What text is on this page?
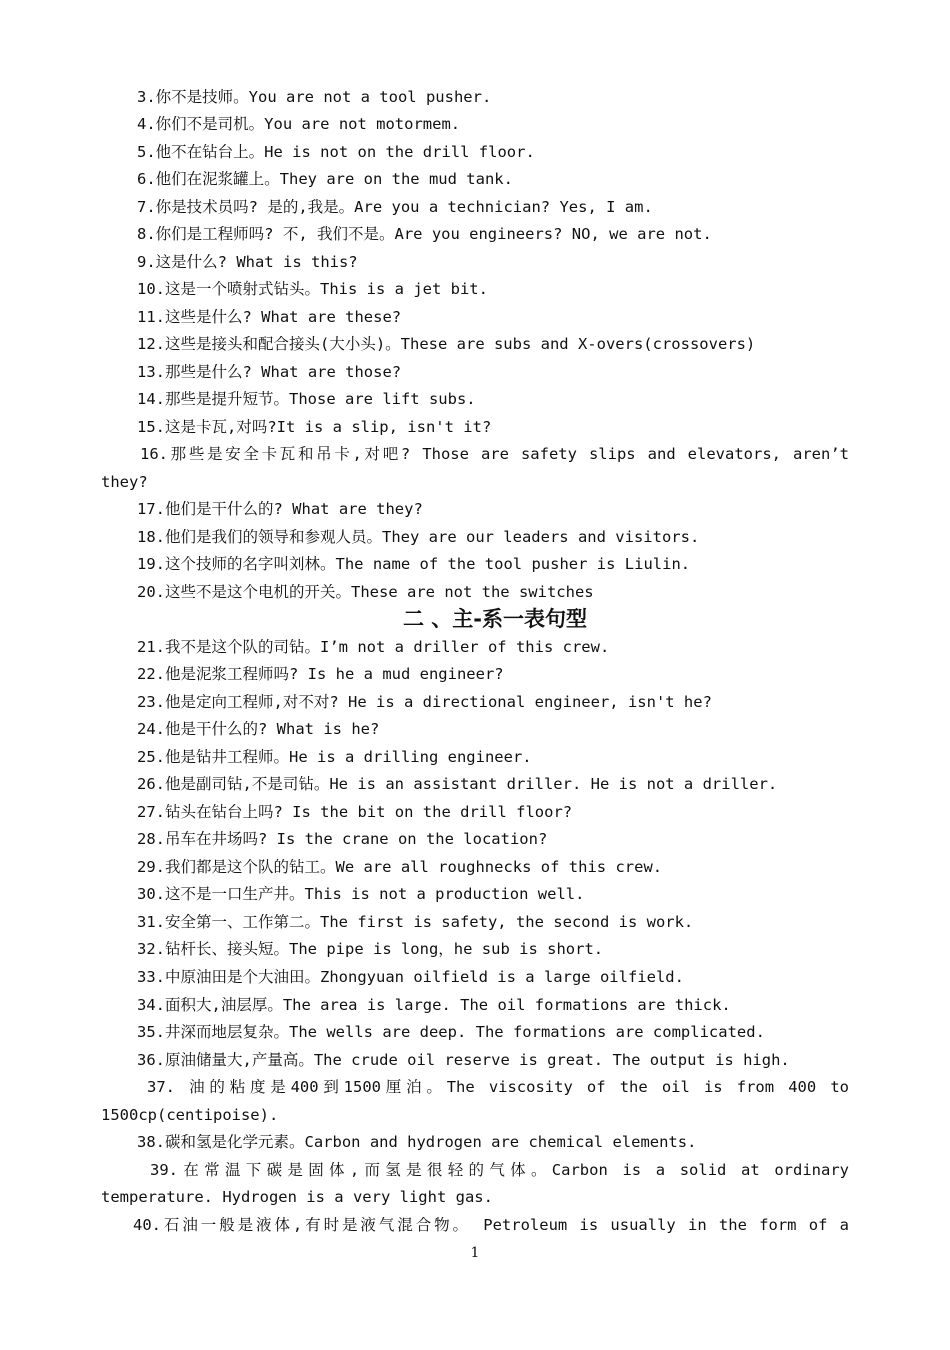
3.你不是技师。You are not a tool pusher.
4.你们不是司机。You are not motormem.
5.他不在钻台上。He is not on the drill floor.
6.他们在泥浆罐上。They are on the mud tank.
7.你是技术员吗? 是的,我是。Are you a technician? Yes, I am.
8.你们是工程师吗? 不, 我们不是。Are you engineers? NO, we are not.
9.这是什么? What is this?
10.这是一个喷射式钻头。This is a jet bit.
11.这些是什么? What are these?
12.这些是接头和配合接头(大小头)。These are subs and X-overs(crossovers)
13.那些是什么? What are those?
14.那些是提升短节。Those are lift subs.
15.这是卡瓦,对吗?It is a slip, isn't it?
16.那些是安全卡瓦和吊卡,对吧? Those are safety slips and elevators, aren’t
they?
17.他们是干什么的? What are they?
18.他们是我们的领导和参观人员。They are our leaders and visitors.
19.这个技师的名字叫刘林。The name of the tool pusher is Liulin.
20.这些不是这个电机的开关。These are not the switches
二 、主-系一表句型
21.我不是这个队的司钻。I’m not a driller of this crew.
22.他是泥浆工程师吗? Is he a mud engineer?
23.他是定向工程师,对不对? He is a directional engineer, isn't he?
24.他是干什么的? What is he?
25.他是钻井工程师。He is a drilling engineer.
26.他是副司钻,不是司钻。He is an assistant driller. He is not a driller.
27.钻头在钻台上吗? Is the bit on the drill floor?
28.吊车在井场吗? Is the crane on the location?
29.我们都是这个队的钻工。We are all roughnecks of this crew.
30.这不是一口生产井。This is not a production well.
31.安全第一、工作第二。The first is safety, the second is work.
32.钻杆长、接头短。The pipe is long，he sub is short.
33.中原油田是个大油田。Zhongyuan oilfield is a large oilfield.
34.面积大,油层厚。The area is large. The oil formations are thick.
35.井深而地层复杂。The wells are deep. The formations are complicated.
36.原油储量大,产量高。The crude oil reserve is great. The output is high.
37. 油的粘度是400到1500厘泊。The viscosity of the oil is from 400 to
1500cp(centipoise).
38.碳和氢是化学元素。Carbon and hydrogen are chemical elements.
39.在常温下碳是固体,而氢是很轻的气体。Carbon is a solid at ordinary
temperature. Hydrogen is a very light gas.
40.石油一般是液体,有时是液气混合物。 Petroleum is usually in the form of a
1
